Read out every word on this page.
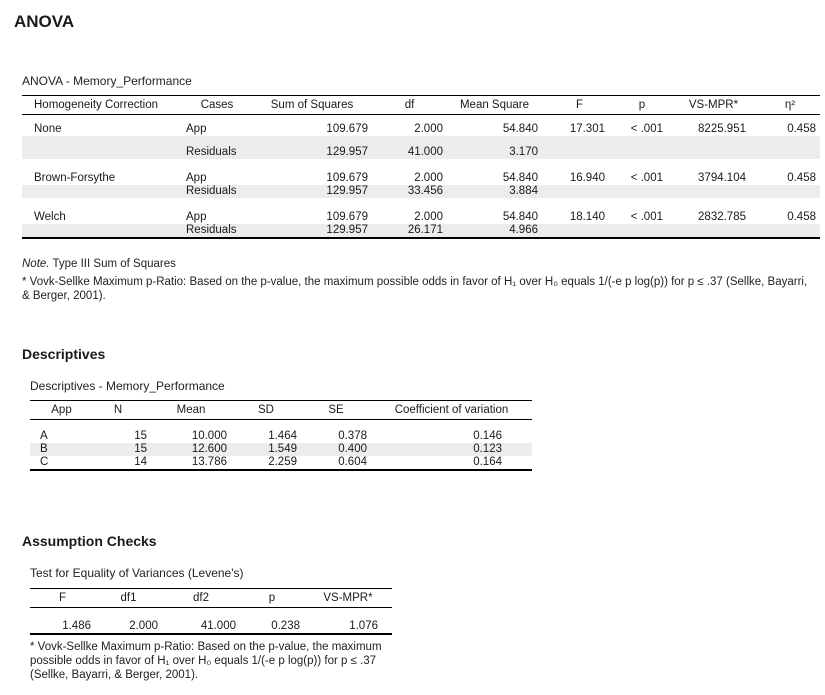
ANOVA
ANOVA - Memory_Performance
Homogeneity Correction	Cases	Sum of Squares	df	Mean Square	F	p	VS-MPR*	η²

None	App	109.679	2.000	54.840	17.301	< .001	8225.951	0.458

	Residuals	129.957	41.000	3.170				

Brown-Forsythe	App	109.679	2.000	54.840	16.940	< .001	3794.104	0.458
	Residuals	129.957	33.456	3.884				

Welch	App	109.679	2.000	54.840	18.140	< .001	2832.785	0.458
	Residuals	129.957	26.171	4.966				
Note. Type III Sum of Squares
* Vovk-Sellke Maximum p-Ratio: Based on the p-value, the maximum possible odds in favor of H₁ over H₀ equals 1/(-e p log(p)) for p ≤ .37 (Sellke, Bayarri, & Berger, 2001).
Descriptives
Descriptives - Memory_Performance
App	N	Mean	SD	SE	Coefficient of variation

A	15	10.000	1.464	0.378	0.146
B	15	12.600	1.549	0.400	0.123
C	14	13.786	2.259	0.604	0.164
Assumption Checks
Test for Equality of Variances (Levene's)
F	df1	df2	p	VS-MPR*

1.486	2.000	41.000	0.238	1.076
* Vovk-Sellke Maximum p-Ratio: Based on the p-value, the maximum possible odds in favor of H₁ over H₀ equals 1/(-e p log(p)) for p ≤ .37 (Sellke, Bayarri, & Berger, 2001).
